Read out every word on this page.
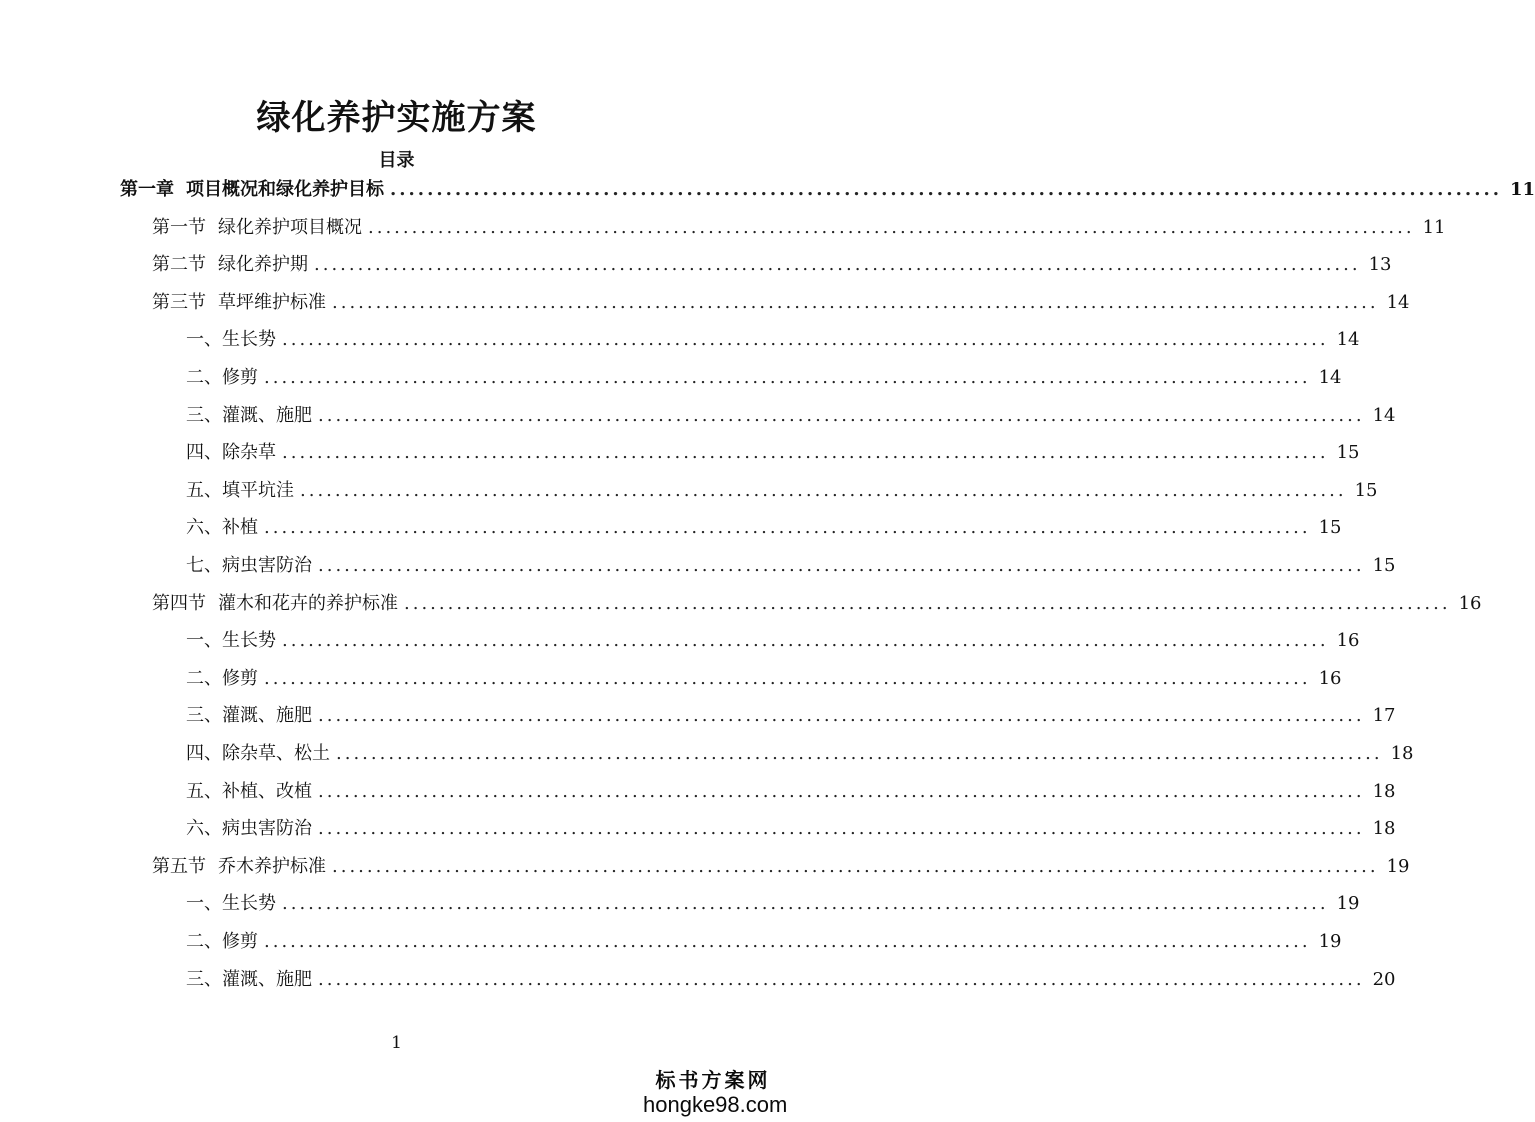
绿化养护实施方案
目录
第一章 项目概况和绿化养护目标 ........................................................................................................................ 11
第一节 绿化养护项目概况 ........................................................................................................................ 11
第二节 绿化养护期 ........................................................................................................................ 13
第三节 草坪维护标准 ........................................................................................................................ 14
一、 生长势 ........................................................................................................................ 14
二、 修剪 ........................................................................................................................ 14
三、 灌溉、施肥 ........................................................................................................................ 14
四、 除杂草 ........................................................................................................................ 15
五、 填平坑洼 ........................................................................................................................ 15
六、 补植 ........................................................................................................................ 15
七、 病虫害防治 ........................................................................................................................ 15
第四节 灌木和花卉的养护标准 ........................................................................................................................ 16
一、 生长势 ........................................................................................................................ 16
二、 修剪 ........................................................................................................................ 16
三、 灌溉、施肥 ........................................................................................................................ 17
四、 除杂草、松土 ........................................................................................................................ 18
五、 补植、改植 ........................................................................................................................ 18
六、 病虫害防治 ........................................................................................................................ 18
第五节 乔木养护标准 ........................................................................................................................ 19
一、 生长势 ........................................................................................................................ 19
二、 修剪 ........................................................................................................................ 19
三、 灌溉、施肥 ........................................................................................................................ 20
1
标书方案网
hongke98.com
